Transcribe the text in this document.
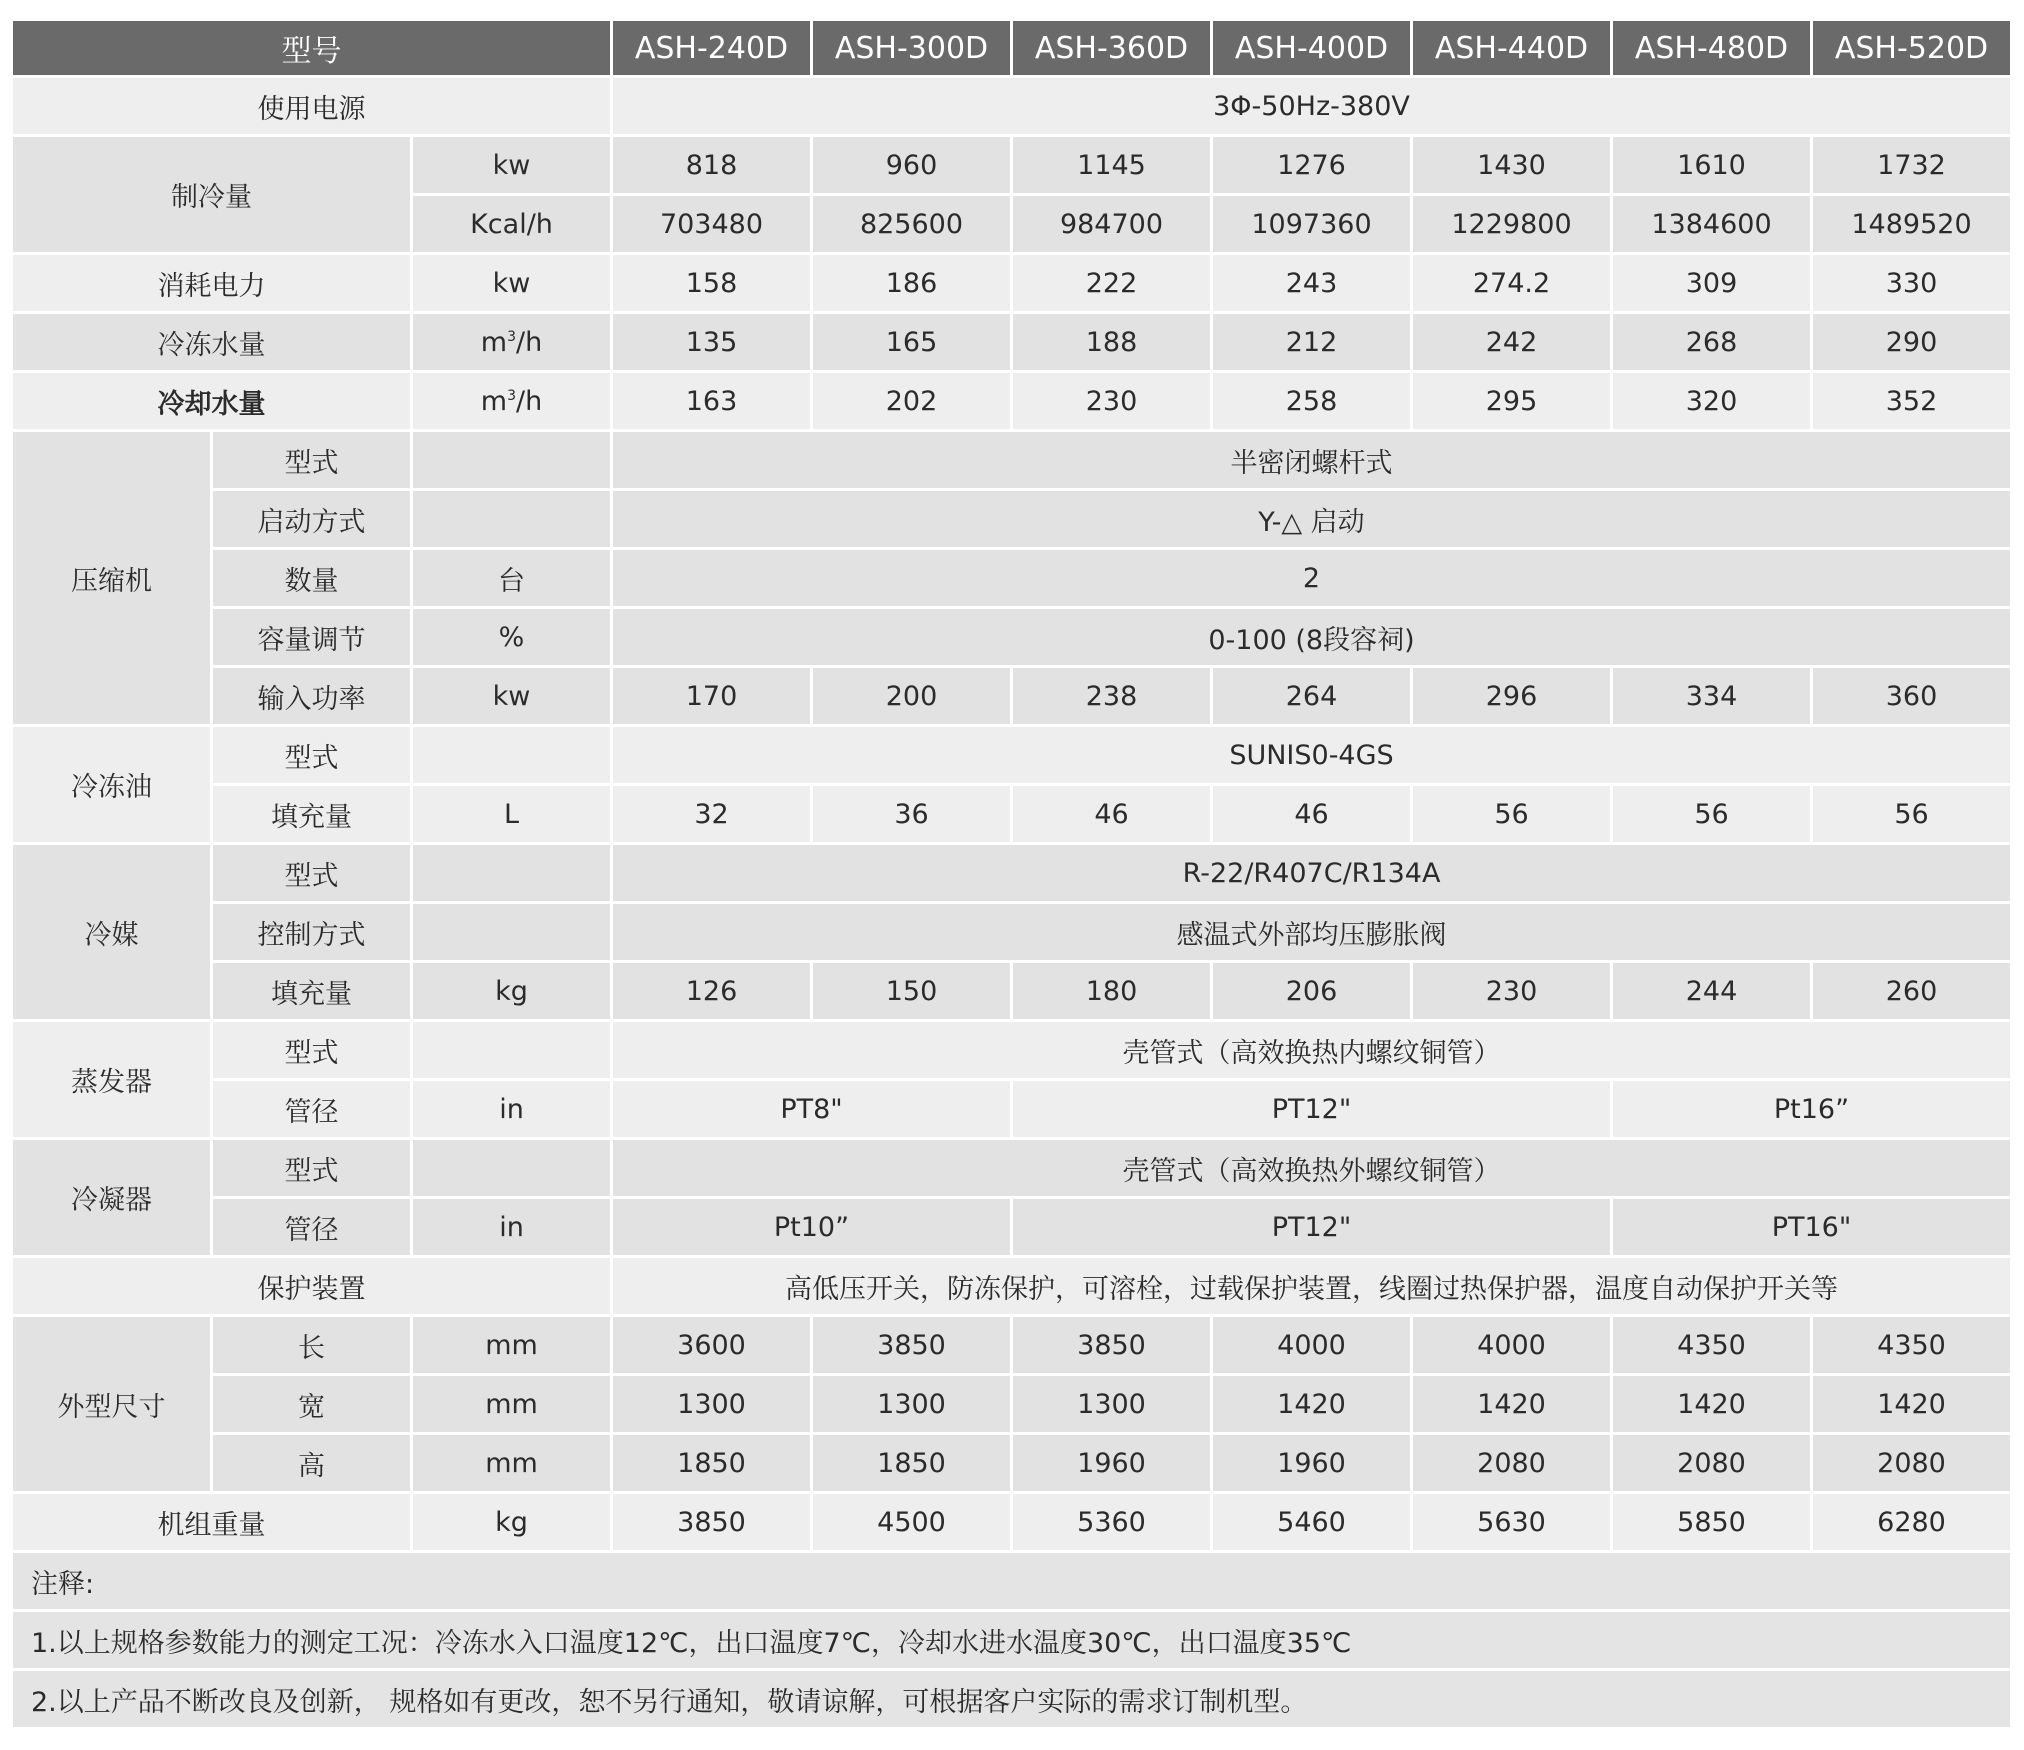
型号			ASH-240D	ASH-300D	ASH-360D	ASH-400D	ASH-440D	ASH-480D	ASH-520D
使用电源			3Φ-50Hz-380V						
制冷量		kw	818	960	1145	1276	1430	1610	1732
		Kcal/h	703480	825600	984700	1097360	1229800	1384600	1489520
消耗电力		kw	158	186	222	243	274.2	309	330
冷冻水量		$m^3/h$	135	165	188	212	242	268	290
冷却水量		$m^3/h$	163	202	230	258	295	320	352
压缩机	型式		半密闭螺杆式						
	启动方式		Y-△ 启动						
	数量	台	2						
	容量调节	%	0-100 (8段容祠)						
	输入功率	kw	170	200	238	264	296	334	360
冷冻油	型式		SUNIS0-4GS						
	填充量	L	32	36	46	46	56	56	56
冷媒	型式		R-22/R407C/R134A						
	控制方式		感温式外部均压膨胀阀						
	填充量	kg	126	150	180	206	230	244	260
蒸发器	型式		壳管式（高效换热内螺纹铜管）						
	管径	in	PT8"		PT12"			Pt16”	
冷凝器	型式		壳管式（高效换热外螺纹铜管）						
	管径	in	Pt10”		PT12"			PT16"	
保护装置			高低压开关，防冻保护，可溶栓，过载保护装置，线圈过热保护器，温度自动保护开关等						
外型尺寸	长	mm	3600	3850	3850	4000	4000	4350	4350
	宽	mm	1300	1300	1300	1420	1420	1420	1420
	高	mm	1850	1850	1960	1960	2080	2080	2080
机组重量		kg	3850	4500	5360	5460	5630	5850	6280
注释:									
1.以上规格参数能力的测定工况：冷冻水入口温度12℃，出口温度7℃，冷却水进水温度30℃，出口温度35℃									
2.以上产品不断改良及创新， 规格如有更改，恕不另行通知，敬请谅解，可根据客户实际的需求订制机型。									
